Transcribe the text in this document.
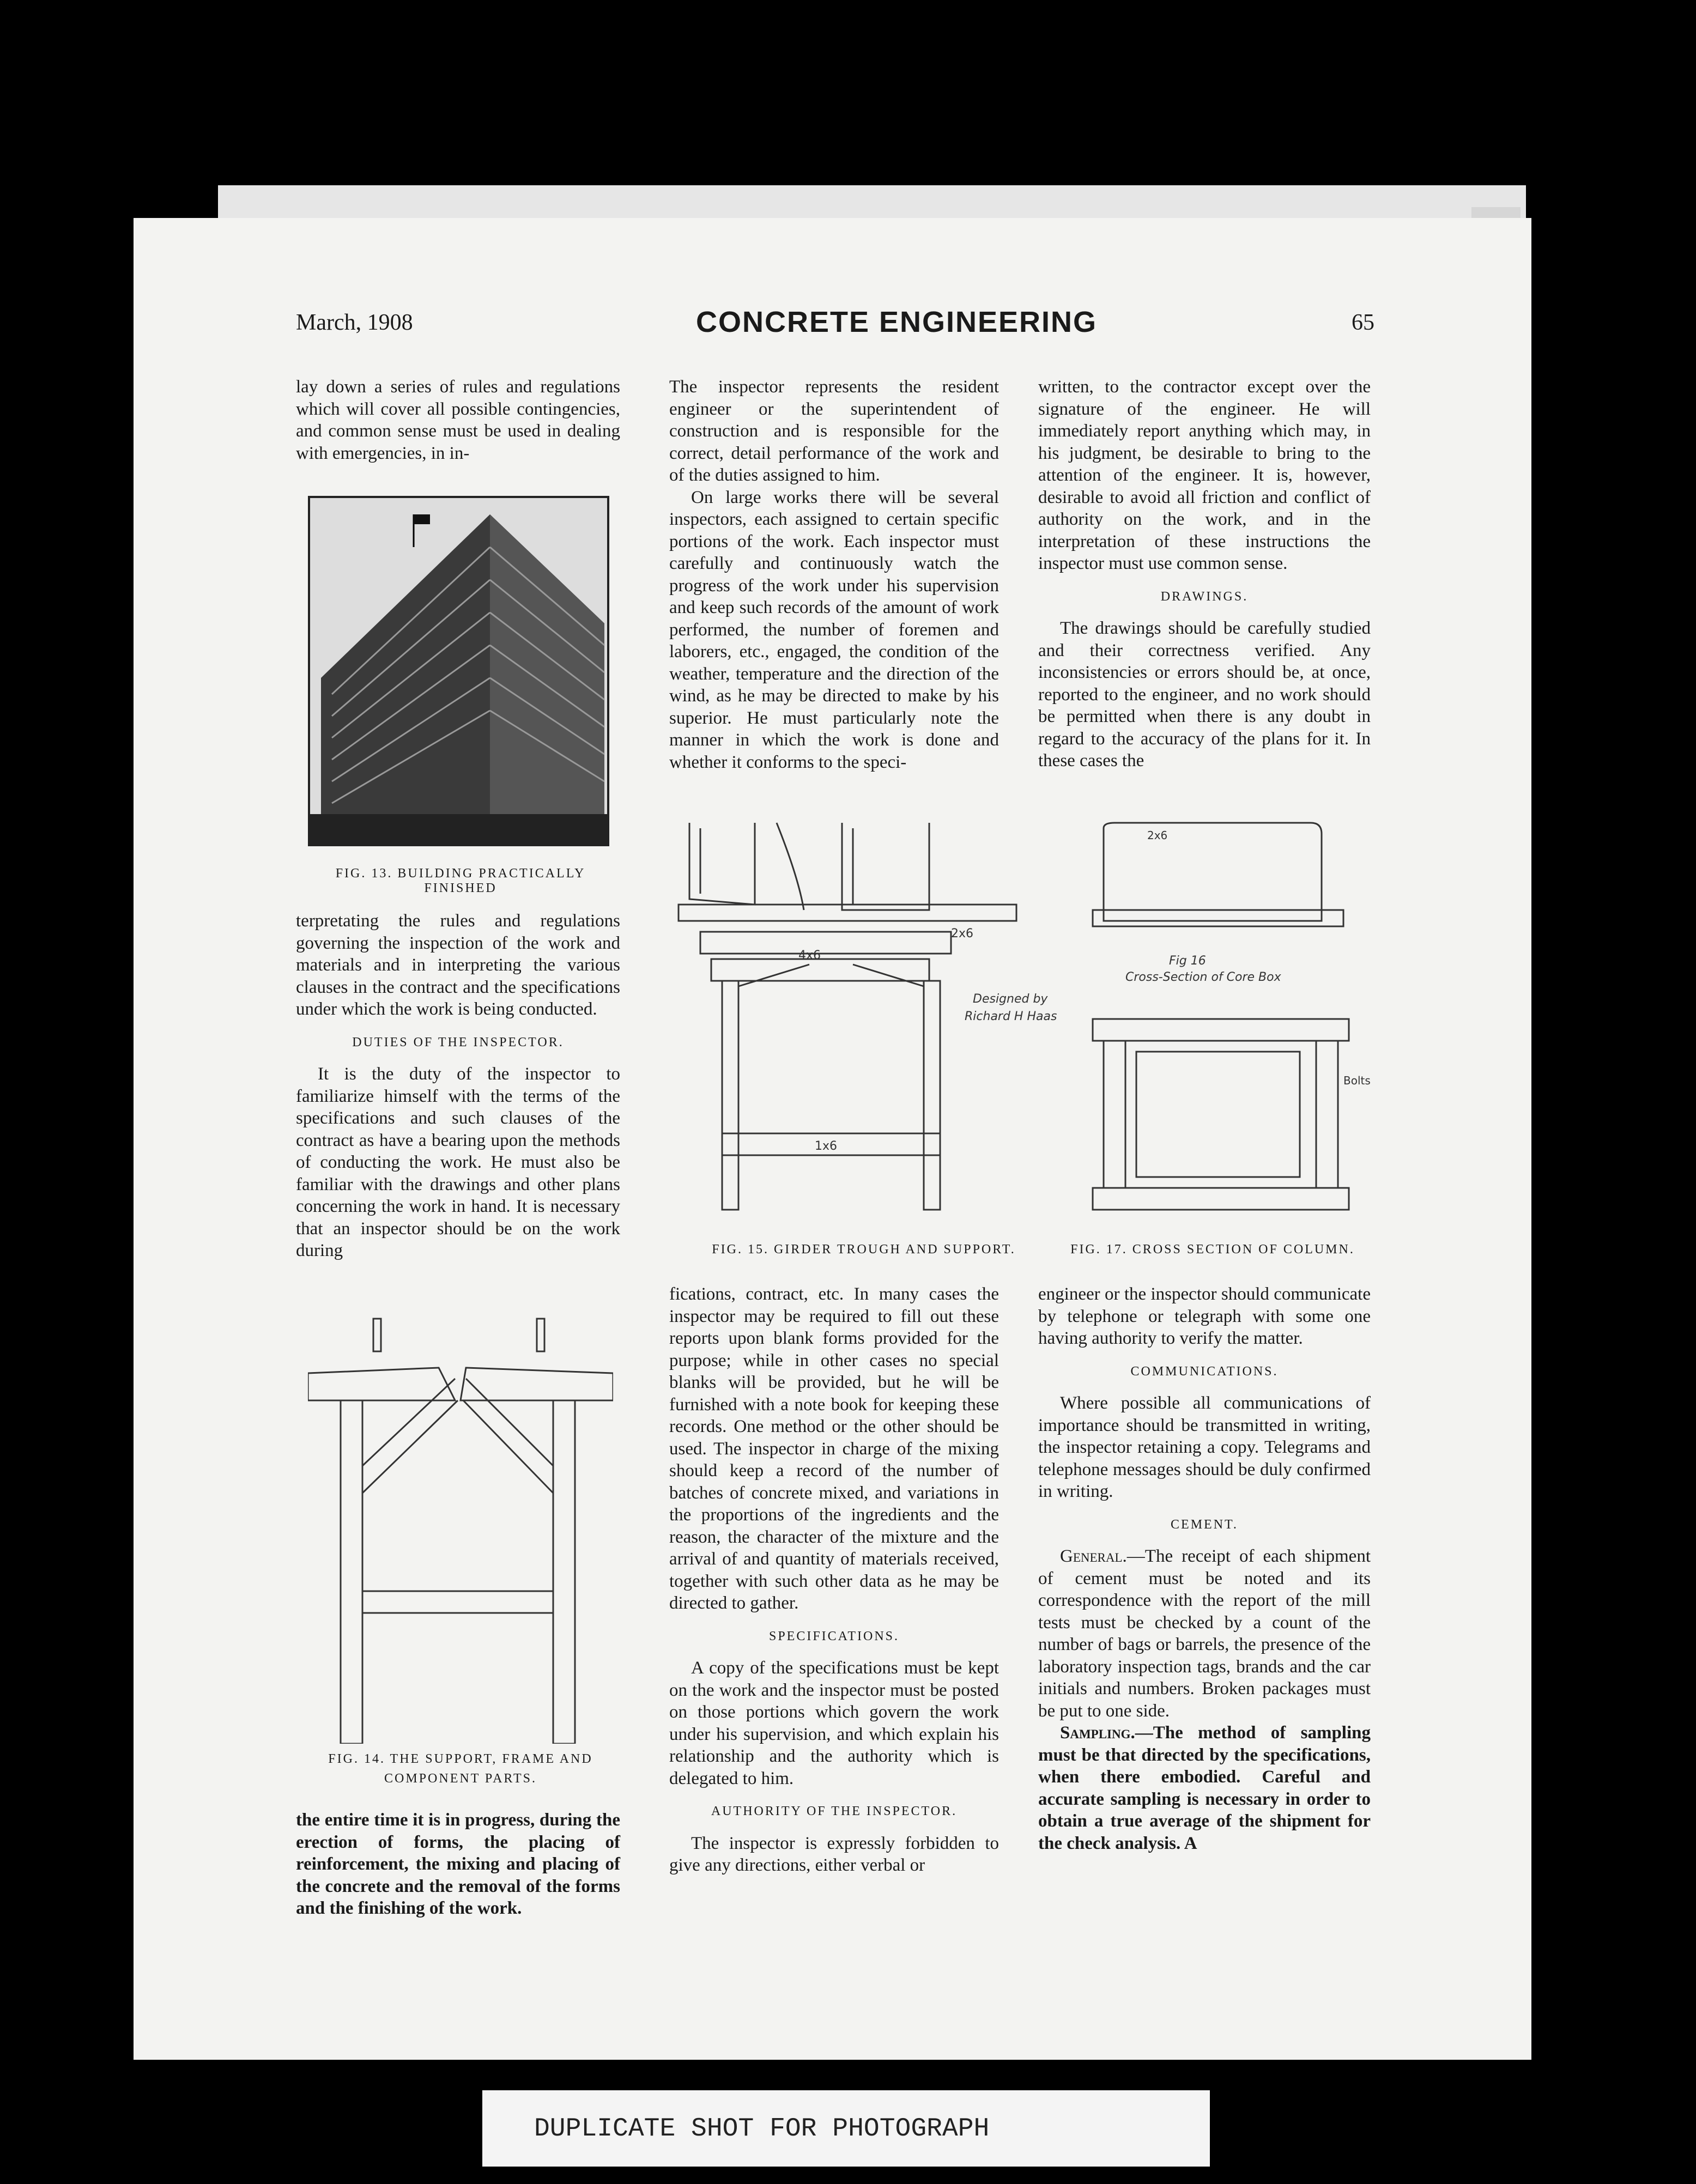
March, 1908	CONCRETE ENGINEERING	65

lay down a series of rules and regulations which will cover all possible contingencies, and common sense must be used in dealing with emergencies, in in-

FIG. 13. BUILDING PRACTICALLY FINISHED

terpretating the rules and regulations governing the inspection of the work and materials and in interpreting the various clauses in the contract and the specifications under which the work is being conducted.

DUTIES OF THE INSPECTOR.

It is the duty of the inspector to familiarize himself with the terms of the specifications and such clauses of the contract as have a bearing upon the methods of conducting the work. He must also be familiar with the drawings and other plans concerning the work in hand. It is necessary that an inspector should be on the work during

FIG. 14. THE SUPPORT, FRAME AND COMPONENT PARTS.

the entire time it is in progress, during the erection of forms, the placing of reinforcement, the mixing and placing of the concrete and the removal of the forms and the finishing of the work.

The inspector represents the resident engineer or the superintendent of construction and is responsible for the correct, detail performance of the work and of the duties assigned to him.

On large works there will be several inspectors, each assigned to certain specific portions of the work. Each inspector must carefully and continuously watch the progress of the work under his supervision and keep such records of the amount of work performed, the number of foremen and laborers, etc., engaged, the condition of the weather, temperature and the direction of the wind, as he may be directed to make by his superior. He must particularly note the manner in which the work is done and whether it conforms to the speci-

written, to the contractor except over the signature of the engineer. He will immediately report anything which may, in his judgment, be desirable to bring to the attention of the engineer. It is, however, desirable to avoid all friction and conflict of authority on the work, and in the interpretation of these instructions the inspector must use common sense.

DRAWINGS.

The drawings should be carefully studied and their correctness verified. Any inconsistencies or errors should be, at once, reported to the engineer, and no work should be permitted when there is any doubt in regard to the accuracy of the plans for it. In these cases the

4x6
2x6
1x6
Designed by
Richard H Haas
FIG. 15. GIRDER TROUGH AND SUPPORT.
Fig 16
Cross-Section of Core Box
2x6
Bolts
FIG. 17. CROSS SECTION OF COLUMN.

fications, contract, etc. In many cases the inspector may be required to fill out these reports upon blank forms provided for the purpose; while in other cases no special blanks will be provided, but he will be furnished with a note book for keeping these records. One method or the other should be used. The inspector in charge of the mixing should keep a record of the number of batches of concrete mixed, and variations in the proportions of the ingredients and the reason, the character of the mixture and the arrival of and quantity of materials received, together with such other data as he may be directed to gather.

SPECIFICATIONS.

A copy of the specifications must be kept on the work and the inspector must be posted on those portions which govern the work under his supervision, and which explain his relationship and the authority which is delegated to him.

AUTHORITY OF THE INSPECTOR.

The inspector is expressly forbidden to give any directions, either verbal or

engineer or the inspector should communicate by telephone or telegraph with some one having authority to verify the matter.

COMMUNICATIONS.

Where possible all communications of importance should be transmitted in writing, the inspector retaining a copy. Telegrams and telephone messages should be duly confirmed in writing.

CEMENT.

General.—The receipt of each shipment of cement must be noted and its correspondence with the report of the mill tests must be checked by a count of the number of bags or barrels, the presence of the laboratory inspection tags, brands and the car initials and numbers. Broken packages must be put to one side.

Sampling.—The method of sampling must be that directed by the specifications, when there embodied. Careful and accurate sampling is necessary in order to obtain a true average of the shipment for the check analysis. A

DUPLICATE SHOT FOR PHOTOGRAPH
